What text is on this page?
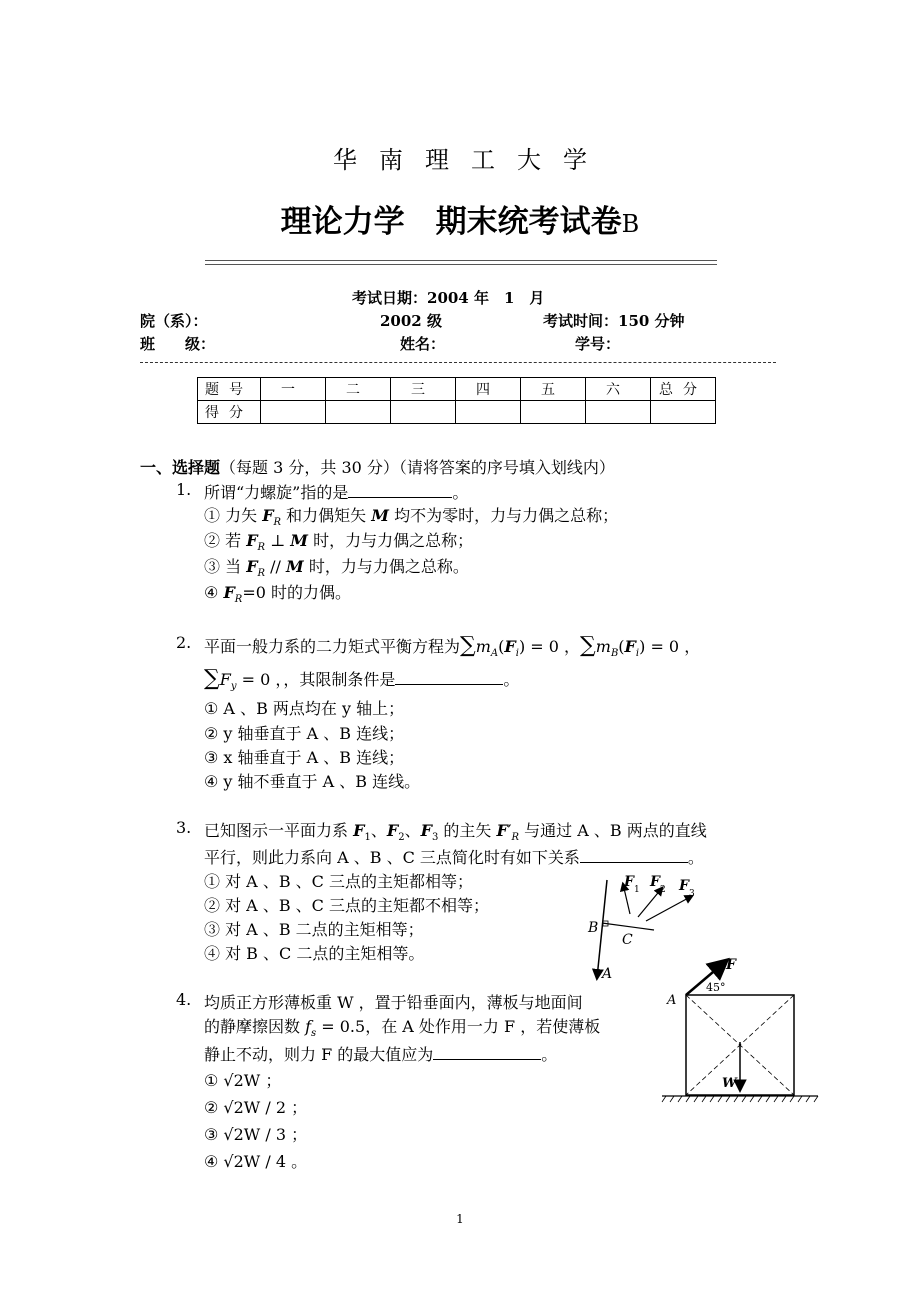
华南理工大学
理论力学　期末统考试卷B
考试日期：2004 年　1　月
院（系）：	2002 级	考试时间：150 分钟
班　　级：	姓名：	学号：
题号	一	二	三	四	五	六	总分
得分							
一、选择题（每题 3 分，共 30 分）（请将答案的序号填入划线内）
1. 所谓“力螺旋”指的是	。
① 力矢 $F_R$ 和力偶矩矢 M 均不为零时，力与力偶之总称；
② 若 $F_R$ ⊥ M 时，力与力偶之总称；
③ 当 $F_R$ // M 时，力与力偶之总称。
④ $F_R=0$ 时的力偶。
2. 平面一般力系的二力矩式平衡方程为$\sum m_A(F_i) = 0$ ，$\sum m_B(F_i) = 0$ ，
$\sum F_y = 0$ ，，其限制条件是	。
① A 、B 两点均在 y 轴上；
② y 轴垂直于 A 、B 连线；
③ x 轴垂直于 A 、B 连线；
④ y 轴不垂直于 A 、B 连线。
3. 已知图示一平面力系 $F_1$、$F_2$、$F_3$ 的主矢 $F'_R$ 与通过 A 、B 两点的直线
平行，则此力系向 A 、B 、C 三点简化时有如下关系	。
① 对 A 、B 、C 三点的主矩都相等；
② 对 A 、B 、C 三点的主矩都不相等；
③ 对 A 、B 二点的主矩相等；
④ 对 B 、C 二点的主矩相等。
F 1 F 2 F 3
B
C
A
4. 均质正方形薄板重 W ，置于铅垂面内，薄板与地面间
的静摩擦因数 $f_s = 0.5$，在 A 处作用一力 F ，若使薄板
静止不动，则力 F 的最大值应为	。
① √2W ；
② √2W / 2 ；
③ √2W / 3 ；
④ √2W / 4 。
F
A
45°
W
1
